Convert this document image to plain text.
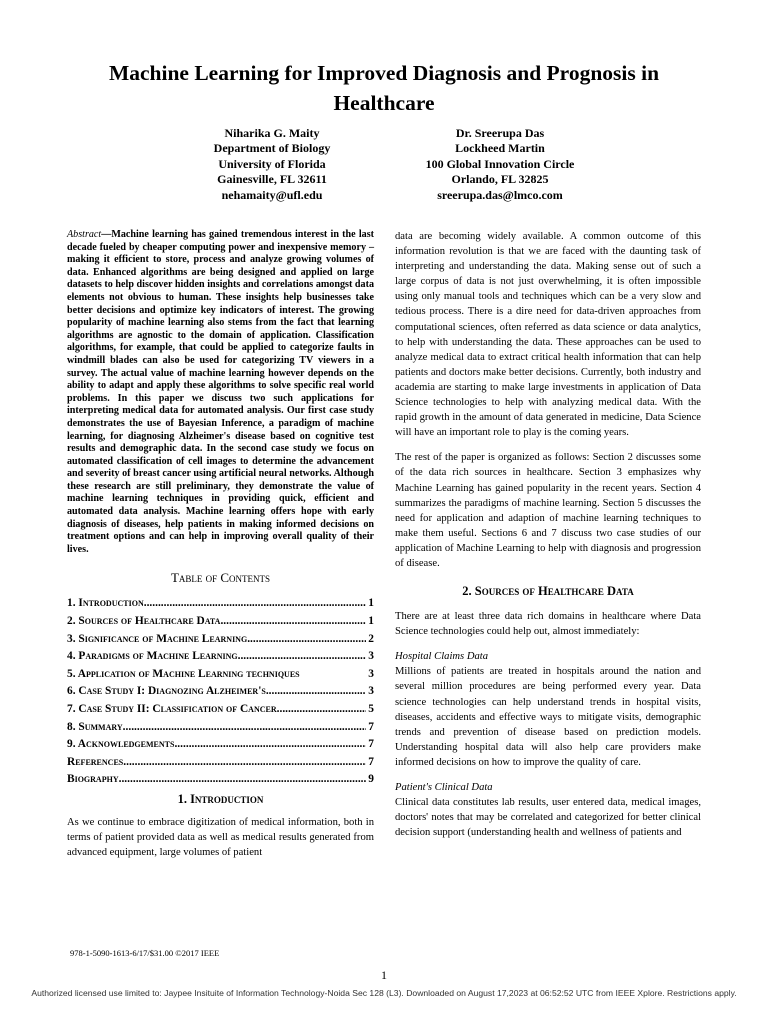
Machine Learning for Improved Diagnosis and Prognosis in Healthcare
Niharika G. Maity
Department of Biology
University of Florida
Gainesville, FL 32611
nehamaity@ufl.edu
Dr. Sreerupa Das
Lockheed Martin
100 Global Innovation Circle
Orlando, FL 32825
sreerupa.das@lmco.com

Abstract—Machine learning has gained tremendous interest in the last decade fueled by cheaper computing power and inexpensive memory – making it efficient to store, process and analyze growing volumes of data. Enhanced algorithms are being designed and applied on large datasets to help discover hidden insights and correlations amongst data elements not obvious to human. These insights help businesses take better decisions and optimize key indicators of interest. The growing popularity of machine learning also stems from the fact that learning algorithms are agnostic to the domain of application. Classification algorithms, for example, that could be applied to categorize faults in windmill blades can also be used for categorizing TV viewers in a survey. The actual value of machine learning however depends on the ability to adapt and apply these algorithms to solve specific real world problems. In this paper we discuss two such applications for interpreting medical data for automated analysis. Our first case study demonstrates the use of Bayesian Inference, a paradigm of machine learning, for diagnosing Alzheimer's disease based on cognitive test results and demographic data. In the second case study we focus on automated classification of cell images to determine the advancement and severity of breast cancer using artificial neural networks. Although these research are still preliminary, they demonstrate the value of machine learning techniques in providing quick, efficient and automated data analysis. Machine learning offers hope with early diagnosis of diseases, help patients in making informed decisions on treatment options and can help in improving overall quality of their lives.

Table of Contents
1. Introduction .....	1
2. Sources of Healthcare Data .....	1
3. Significance of Machine Learning .....	2
4. Paradigms of Machine Learning .....	3
5. Application of Machine Learning techniques	3
6. Case Study I: Diagnozing Alzheimer's .....	3
7. Case Study II: Classification of Cancer .....	5
8. Summary .....	7
9. Acknowledgements .....	7
References .....	7
Biography .....	9
1. Introduction

As we continue to embrace digitization of medical information, both in terms of patient provided data as well as medical results generated from advanced equipment, large volumes of patient

data are becoming widely available. A common outcome of this information revolution is that we are faced with the daunting task of interpreting and understanding the data. Making sense out of such a large corpus of data is not just overwhelming, it is often impossible using only manual tools and techniques which can be a very slow and tedious process. There is a dire need for data-driven approaches from computational sciences, often referred as data science or data analytics, to help with understanding the data. These approaches can be used to analyze medical data to extract critical health information that can help patients and doctors make better decisions. Currently, both industry and academia are starting to make large investments in application of Data Science technologies to help with analyzing medical data. With the rapid growth in the amount of data generated in medicine, Data Science will have an important role to play is the coming years.

The rest of the paper is organized as follows: Section 2 discusses some of the data rich sources in healthcare. Section 3 emphasizes why Machine Learning has gained popularity in the recent years. Section 4 summarizes the paradigms of machine learning. Section 5 discusses the need for application and adaption of machine learning techniques to make them useful. Sections 6 and 7 discuss two case studies of our application of Machine Learning to help with diagnosis and progression of disease.

2. Sources of Healthcare Data

There are at least three data rich domains in healthcare where Data Science technologies could help out, almost immediately:

Hospital Claims Data

Millions of patients are treated in hospitals around the nation and several million procedures are being performed every year. Data science technologies can help understand trends in hospital visits, diseases, accidents and effective ways to mitigate visits, demographic trends and prevention of disease based on prediction models. Understanding hospital data will also help care providers make informed decisions on how to improve the quality of care.

Patient's Clinical Data

Clinical data constitutes lab results, user entered data, medical images, doctors' notes that may be correlated and categorized for better clinical decision support (understanding health and wellness of patients and

978-1-5090-1613-6/17/$31.00 ©2017 IEEE
1
Authorized licensed use limited to: Jaypee Insituite of Information Technology-Noida Sec 128 (L3). Downloaded on August 17,2023 at 06:52:52 UTC from IEEE Xplore. Restrictions apply.
